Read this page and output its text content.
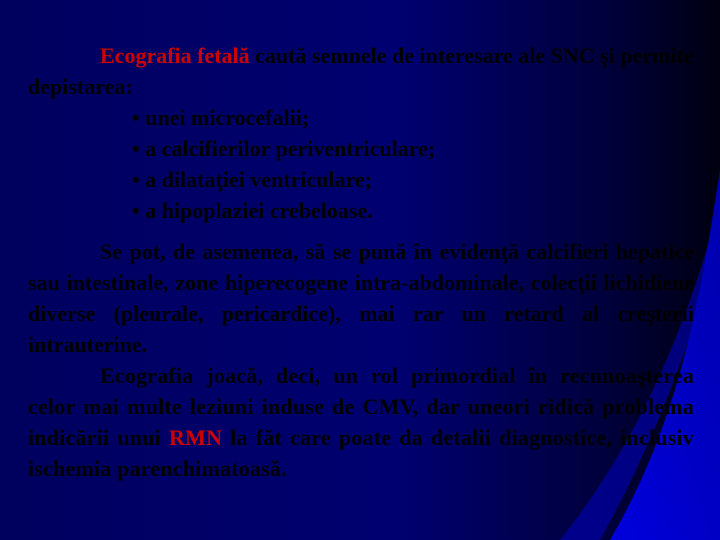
Ecografia fetală caută semnele de interesare ale SNC şi permite depistarea:

• unei microcefalii;
• a calcifierilor periventriculare;
• a dilataţiei ventriculare;
• a hipoplaziei crebeloase.

Se pot, de asemenea, să se pună în evidenţă calcifieri hepatice sau intestinale, zone hiperecogene intra-abdominale, colecţii lichidiene diverse (pleurale, pericardice), mai rar un retard al creşterii intrauterine.

Ecografia joacă, deci, un rol primordial în recunoaşterea celor mai multe leziuni induse de CMV, dar uneori ridică problema indicării unui RMN la făt care poate da detalii diagnostice, inclusiv ischemia parenchimatoasă.
